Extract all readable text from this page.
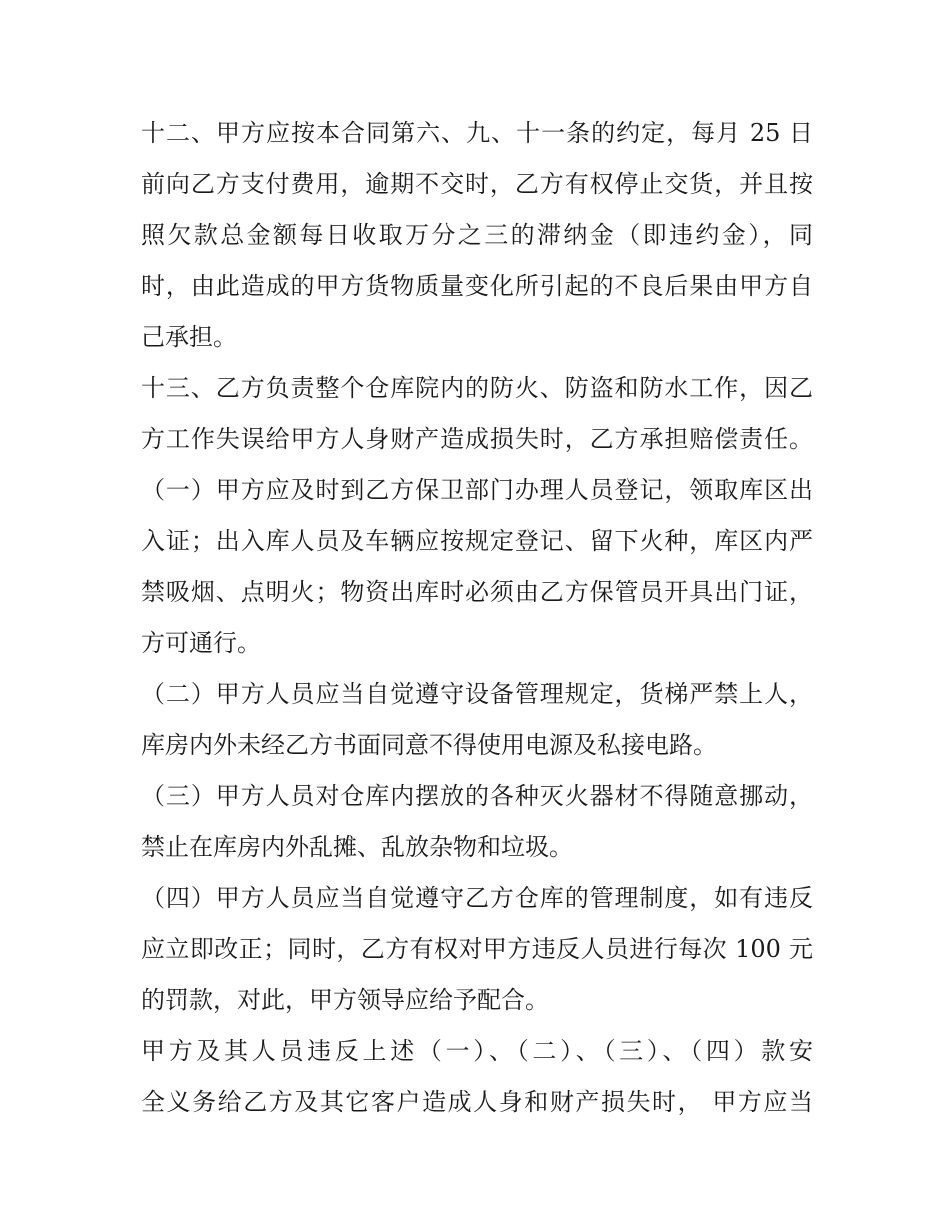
十二、甲方应按本合同第六、九、十一条的约定，每月 25 日
前向乙方支付费用，逾期不交时，乙方有权停止交货，并且按
照欠款总金额每日收取万分之三的滞纳金（即违约金），同
时，由此造成的甲方货物质量变化所引起的不良后果由甲方自
己承担。
十三、乙方负责整个仓库院内的防火、防盗和防水工作，因乙
方工作失误给甲方人身财产造成损失时，乙方承担赔偿责任。
（一）甲方应及时到乙方保卫部门办理人员登记，领取库区出
入证；出入库人员及车辆应按规定登记、留下火种，库区内严
禁吸烟、点明火；物资出库时必须由乙方保管员开具出门证，
方可通行。
（二）甲方人员应当自觉遵守设备管理规定，货梯严禁上人，
库房内外未经乙方书面同意不得使用电源及私接电路。
（三）甲方人员对仓库内摆放的各种灭火器材不得随意挪动，
禁止在库房内外乱摊、乱放杂物和垃圾。
（四）甲方人员应当自觉遵守乙方仓库的管理制度，如有违反
应立即改正；同时，乙方有权对甲方违反人员进行每次 100 元
的罚款，对此，甲方领导应给予配合。
甲方及其人员违反上述（一）、（二）、（三）、（四）款安
全义务给乙方及其它客户造成人身和财产损失时， 甲方应当
